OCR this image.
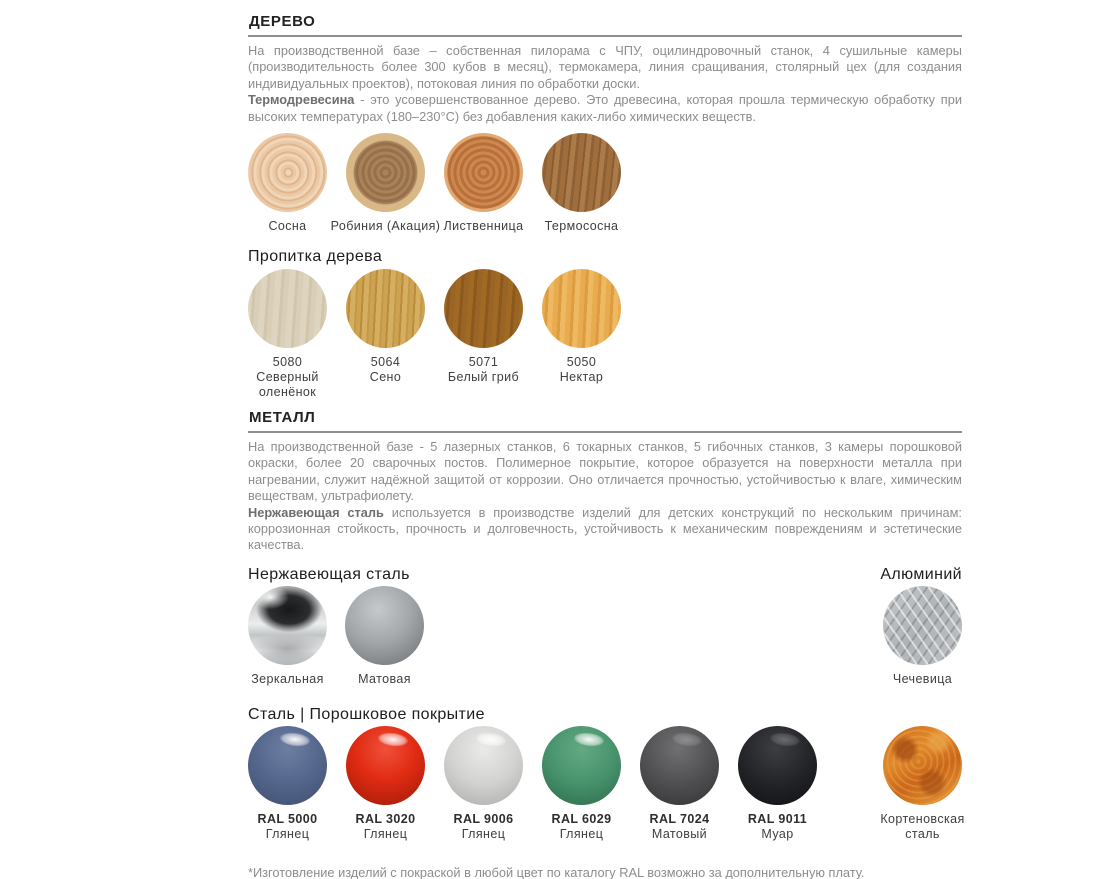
ДЕРЕВО
На производственной базе – собственная пилорама с ЧПУ, оцилиндровочный станок, 4 сушильные камеры (производительность более 300 кубов в месяц), термокамера, линия сращивания, столярный цех (для создания индивидуальных проектов), потоковая линия по обработки доски.
Термодревесина - это усовершенствованное дерево. Это древесина, которая прошла термическую обработку при высоких температурах (180–230°С) без добавления каких-либо химических веществ.
Сосна Робиния (Акация) Лиственница Термососна
Пропитка дерева
5080
Северный оленёнок
5064
Сено
5071
Белый гриб
5050
Нектар
МЕТАЛЛ
На производственной базе - 5 лазерных станков, 6 токарных станков, 5 гибочных станков, 3 камеры порошковой окраски, более 20 сварочных постов. Полимерное покрытие, которое образуется на поверхности металла при нагревании, служит надёжной защитой от коррозии. Оно отличается прочностью, устойчивостью к влаге, химическим веществам, ультрафиолету.
Нержавеющая сталь используется в производстве изделий для детских конструкций по нескольким причинам: коррозионная стойкость, прочность и долговечность, устойчивость к механическим повреждениям и эстетические качества.
Нержавеющая сталь	Алюминий
Зеркальная	Матовая	Чечевица
Сталь | Порошковое покрытие
RAL 5000
Глянец
RAL 3020
Глянец
RAL 9006
Глянец
RAL 6029
Глянец
RAL 7024
Матовый
RAL 9011
Муар
Кортеновская сталь
*Изготовление изделий с покраской в любой цвет по каталогу RAL возможно за дополнительную плату.
